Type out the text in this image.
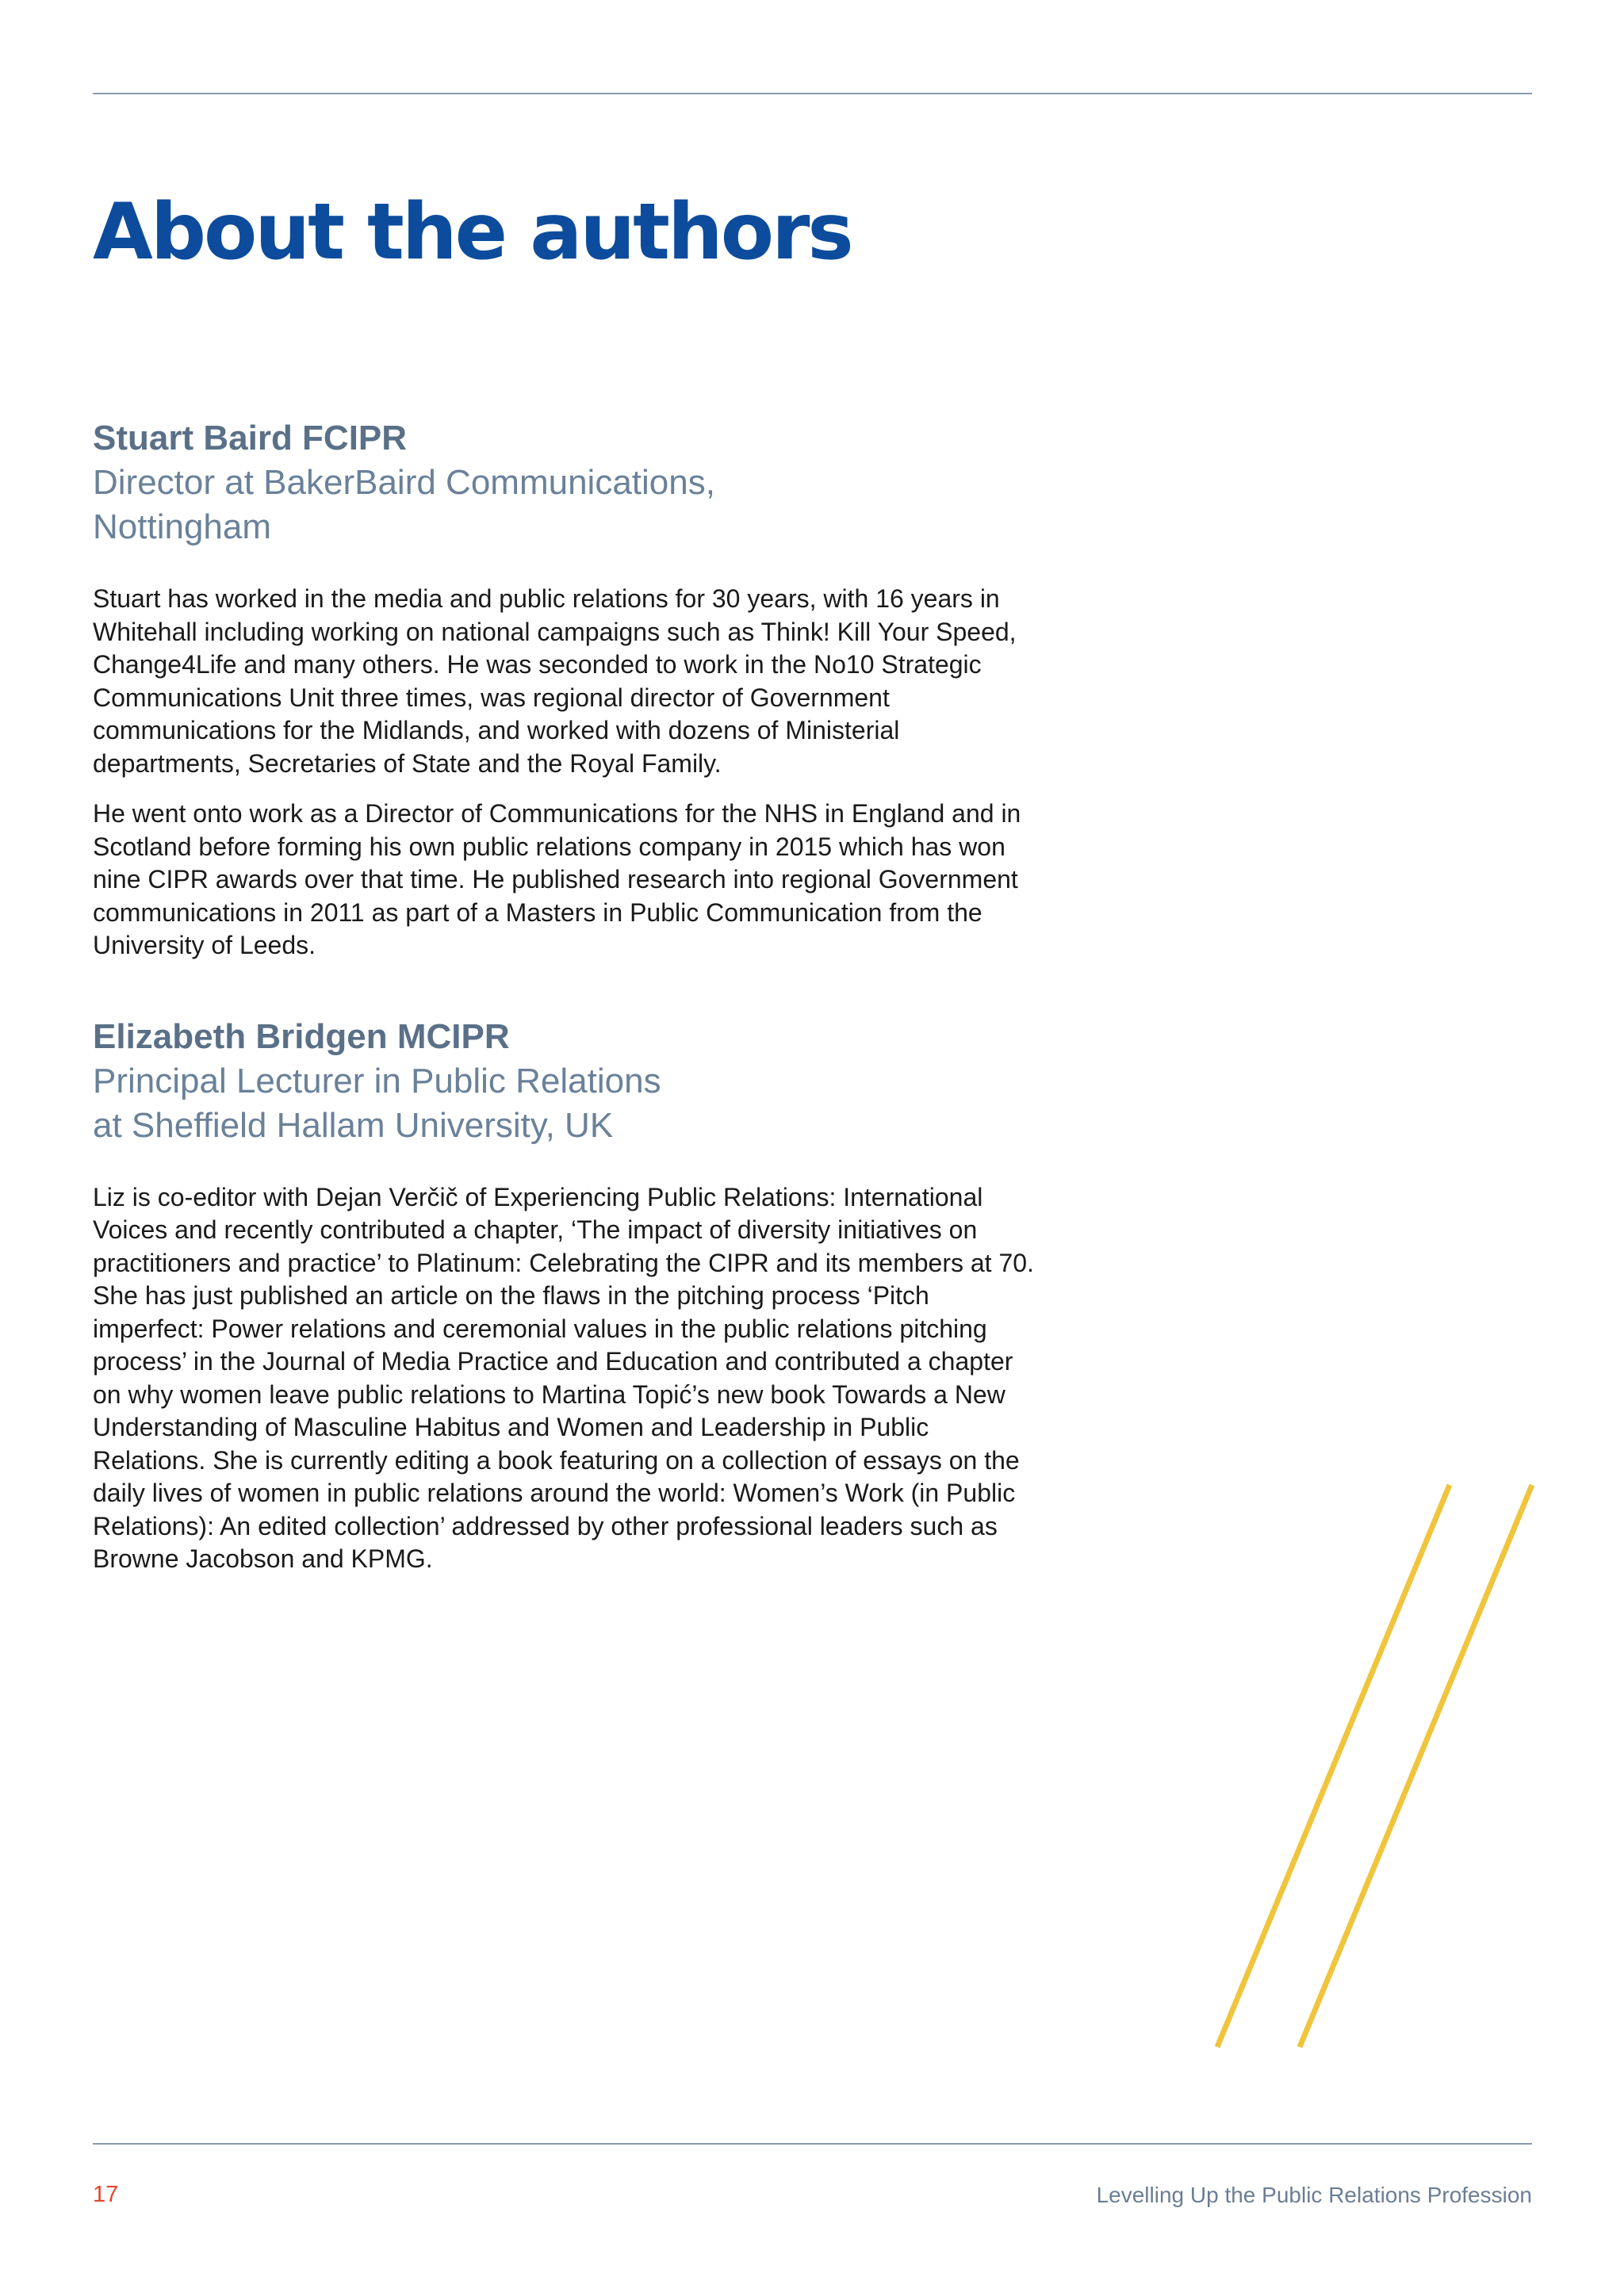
About the authors

Stuart Baird FCIPR

Director at BakerBaird Communications,

Nottingham

Stuart has worked in the media and public relations for 30 years, with 16 years in Whitehall including working on national campaigns such as Think! Kill Your Speed, Change4Life and many others. He was seconded to work in the No10 Strategic Communications Unit three times, was regional director of Government communications for the Midlands, and worked with dozens of Ministerial departments, Secretaries of State and the Royal Family.

He went onto work as a Director of Communications for the NHS in England and in Scotland before forming his own public relations company in 2015 which has won nine CIPR awards over that time. He published research into regional Government communications in 2011 as part of a Masters in Public Communication from the University of Leeds.

Elizabeth Bridgen MCIPR

Principal Lecturer in Public Relations

at Sheffield Hallam University, UK

Liz is co-editor with Dejan Verčič of Experiencing Public Relations: International Voices and recently contributed a chapter, ‘The impact of diversity initiatives on practitioners and practice’ to Platinum: Celebrating the CIPR and its members at 70. She has just published an article on the flaws in the pitching process ‘Pitch imperfect: Power relations and ceremonial values in the public relations pitching process’ in the Journal of Media Practice and Education and contributed a chapter on why women leave public relations to Martina Topić’s new book Towards a New Understanding of Masculine Habitus and Women and Leadership in Public Relations. She is currently editing a book featuring on a collection of essays on the daily lives of women in public relations around the world: Women’s Work (in Public Relations): An edited collection’ addressed by other professional leaders such as Browne Jacobson and KPMG.

17	Levelling Up the Public Relations Profession
